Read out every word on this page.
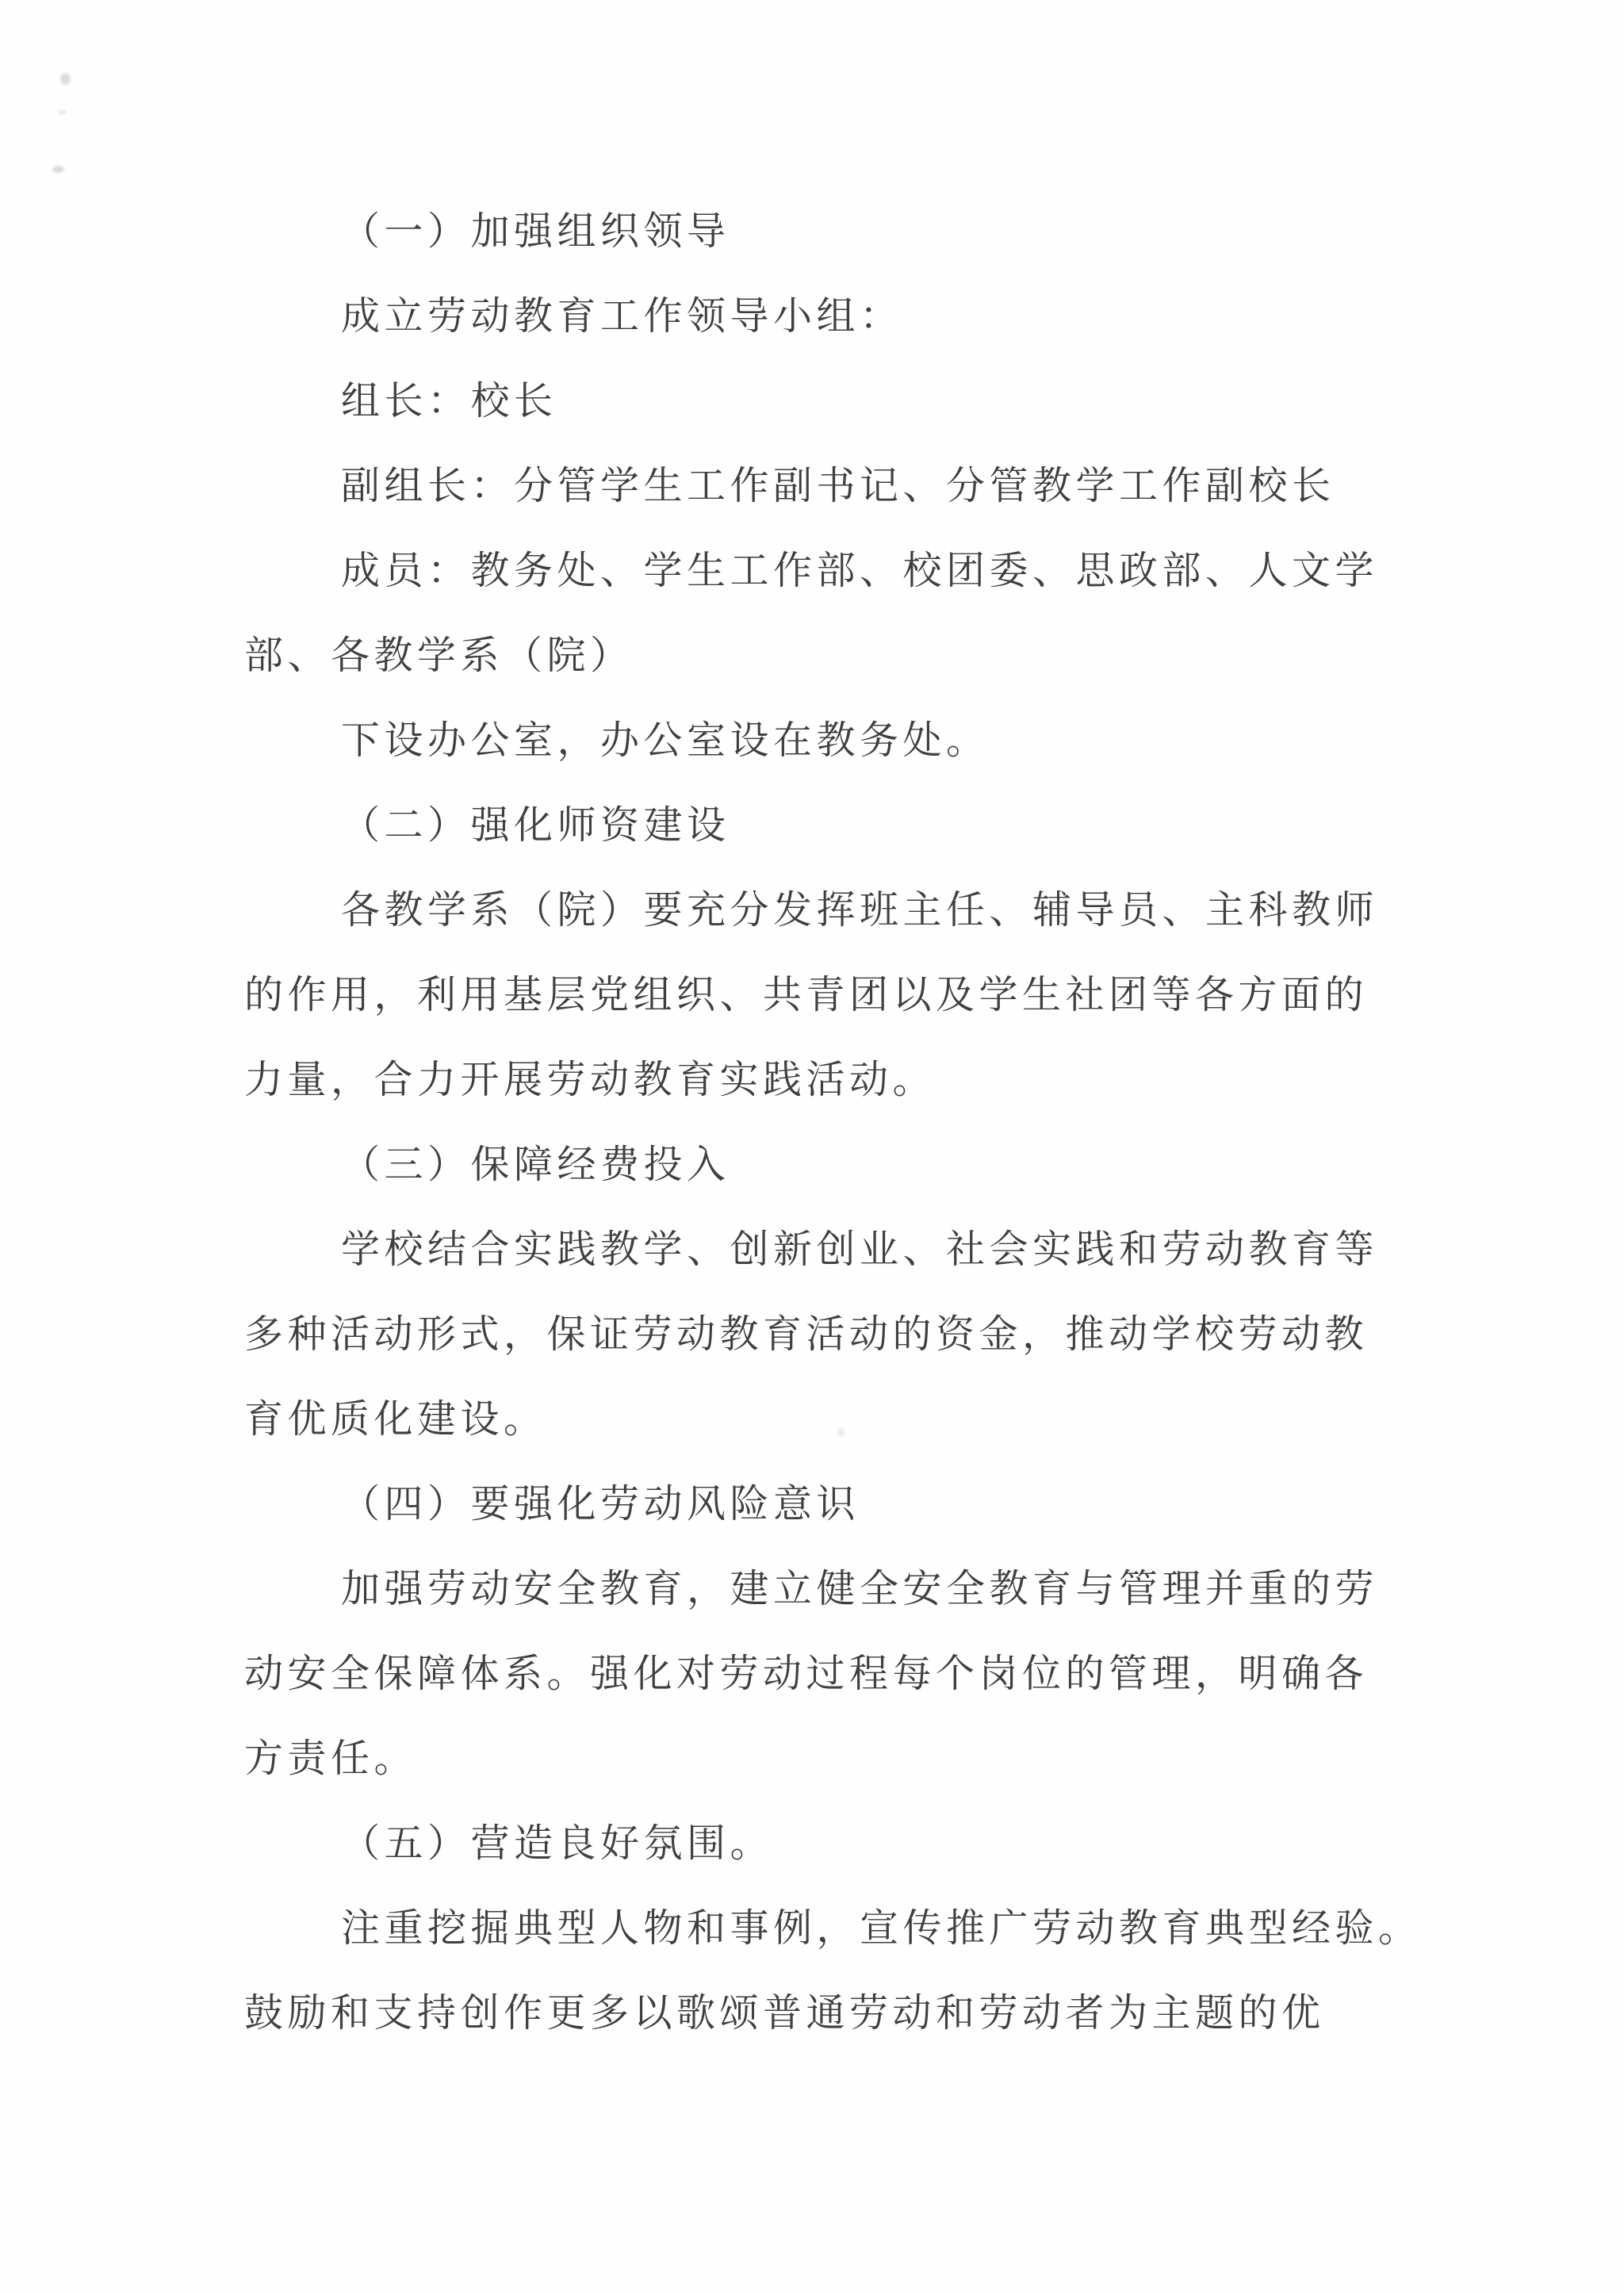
（一）加强组织领导
成立劳动教育工作领导小组：
组长：校长
副组长：分管学生工作副书记、分管教学工作副校长
成员：教务处、学生工作部、校团委、思政部、人文学
部、各教学系（院）
下设办公室，办公室设在教务处。
（二）强化师资建设
各教学系（院）要充分发挥班主任、辅导员、主科教师
的作用，利用基层党组织、共青团以及学生社团等各方面的
力量，合力开展劳动教育实践活动。
（三）保障经费投入
学校结合实践教学、创新创业、社会实践和劳动教育等
多种活动形式，保证劳动教育活动的资金，推动学校劳动教
育优质化建设。
（四）要强化劳动风险意识
加强劳动安全教育，建立健全安全教育与管理并重的劳
动安全保障体系。强化对劳动过程每个岗位的管理，明确各
方责任。
（五）营造良好氛围。
注重挖掘典型人物和事例，宣传推广劳动教育典型经验。
鼓励和支持创作更多以歌颂普通劳动和劳动者为主题的优
